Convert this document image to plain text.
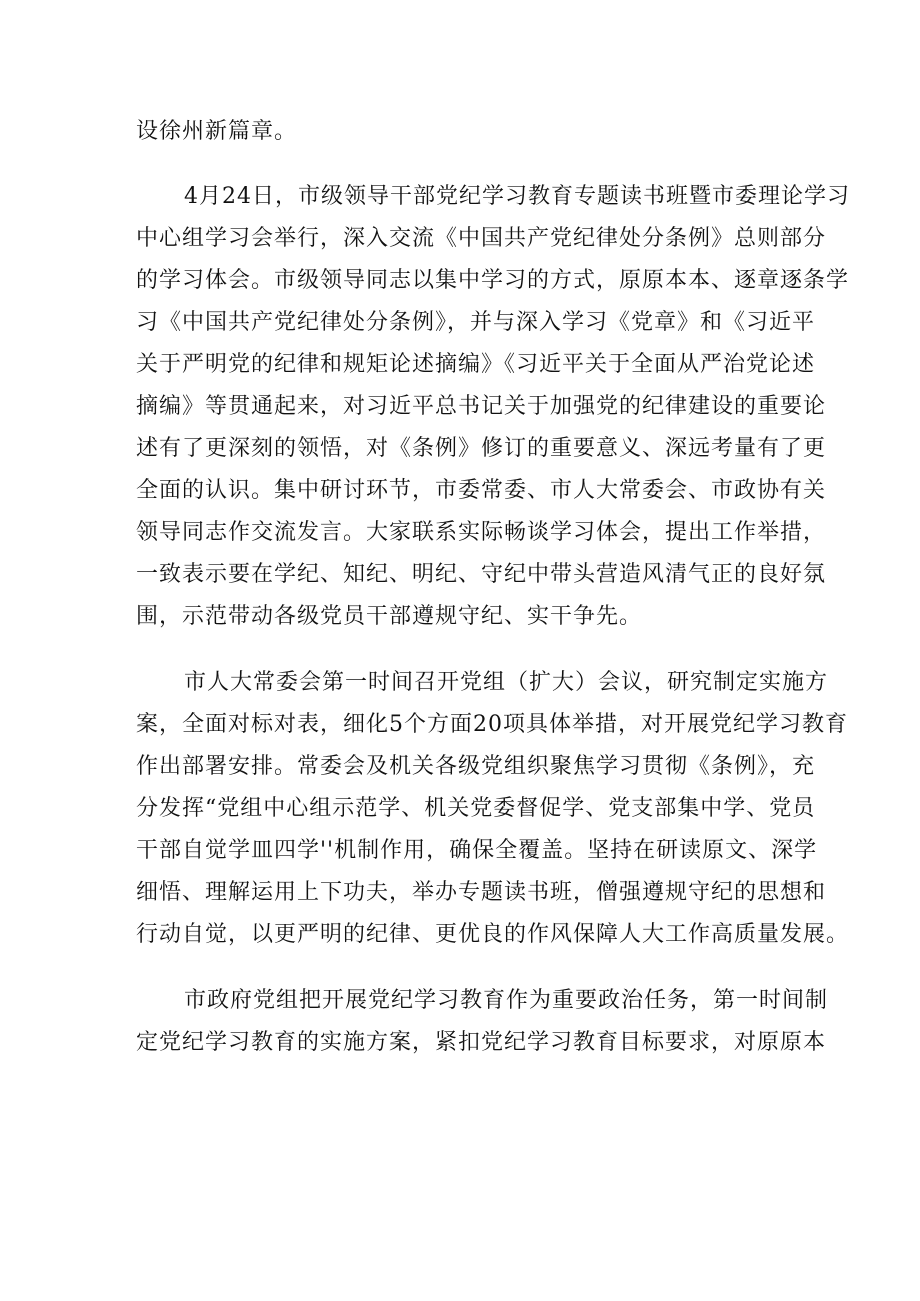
设徐州新篇章。
4月24日，市级领导干部党纪学习教育专题读书班暨市委理论学习
中心组学习会举行，深入交流《中国共产党纪律处分条例》总则部分
的学习体会。市级领导同志以集中学习的方式，原原本本、逐章逐条学
习《中国共产党纪律处分条例》，并与深入学习《党章》和《习近平
关于严明党的纪律和规矩论述摘编》《习近平关于全面从严治党论述
摘编》等贯通起来，对习近平总书记关于加强党的纪律建设的重要论
述有了更深刻的领悟，对《条例》修订的重要意义、深远考量有了更
全面的认识。集中研讨环节，市委常委、市人大常委会、市政协有关
领导同志作交流发言。大家联系实际畅谈学习体会，提出工作举措，
一致表示要在学纪、知纪、明纪、守纪中带头营造风清气正的良好氛
围，示范带动各级党员干部遵规守纪、实干争先。
市人大常委会第一时间召开党组（扩大）会议，研究制定实施方
案，全面对标对表，细化5个方面20项具体举措，对开展党纪学习教育
作出部署安排。常委会及机关各级党组织聚焦学习贯彻《条例》，充
分发挥“党组中心组示范学、机关党委督促学、党支部集中学、党员
干部自觉学皿四学''机制作用，确保全覆盖。坚持在研读原文、深学
细悟、理解运用上下功夫，举办专题读书班，僧强遵规守纪的思想和
行动自觉，以更严明的纪律、更优良的作风保障人大工作高质量发展。
市政府党组把开展党纪学习教育作为重要政治任务，第一时间制
定党纪学习教育的实施方案，紧扣党纪学习教育目标要求，对原原本
